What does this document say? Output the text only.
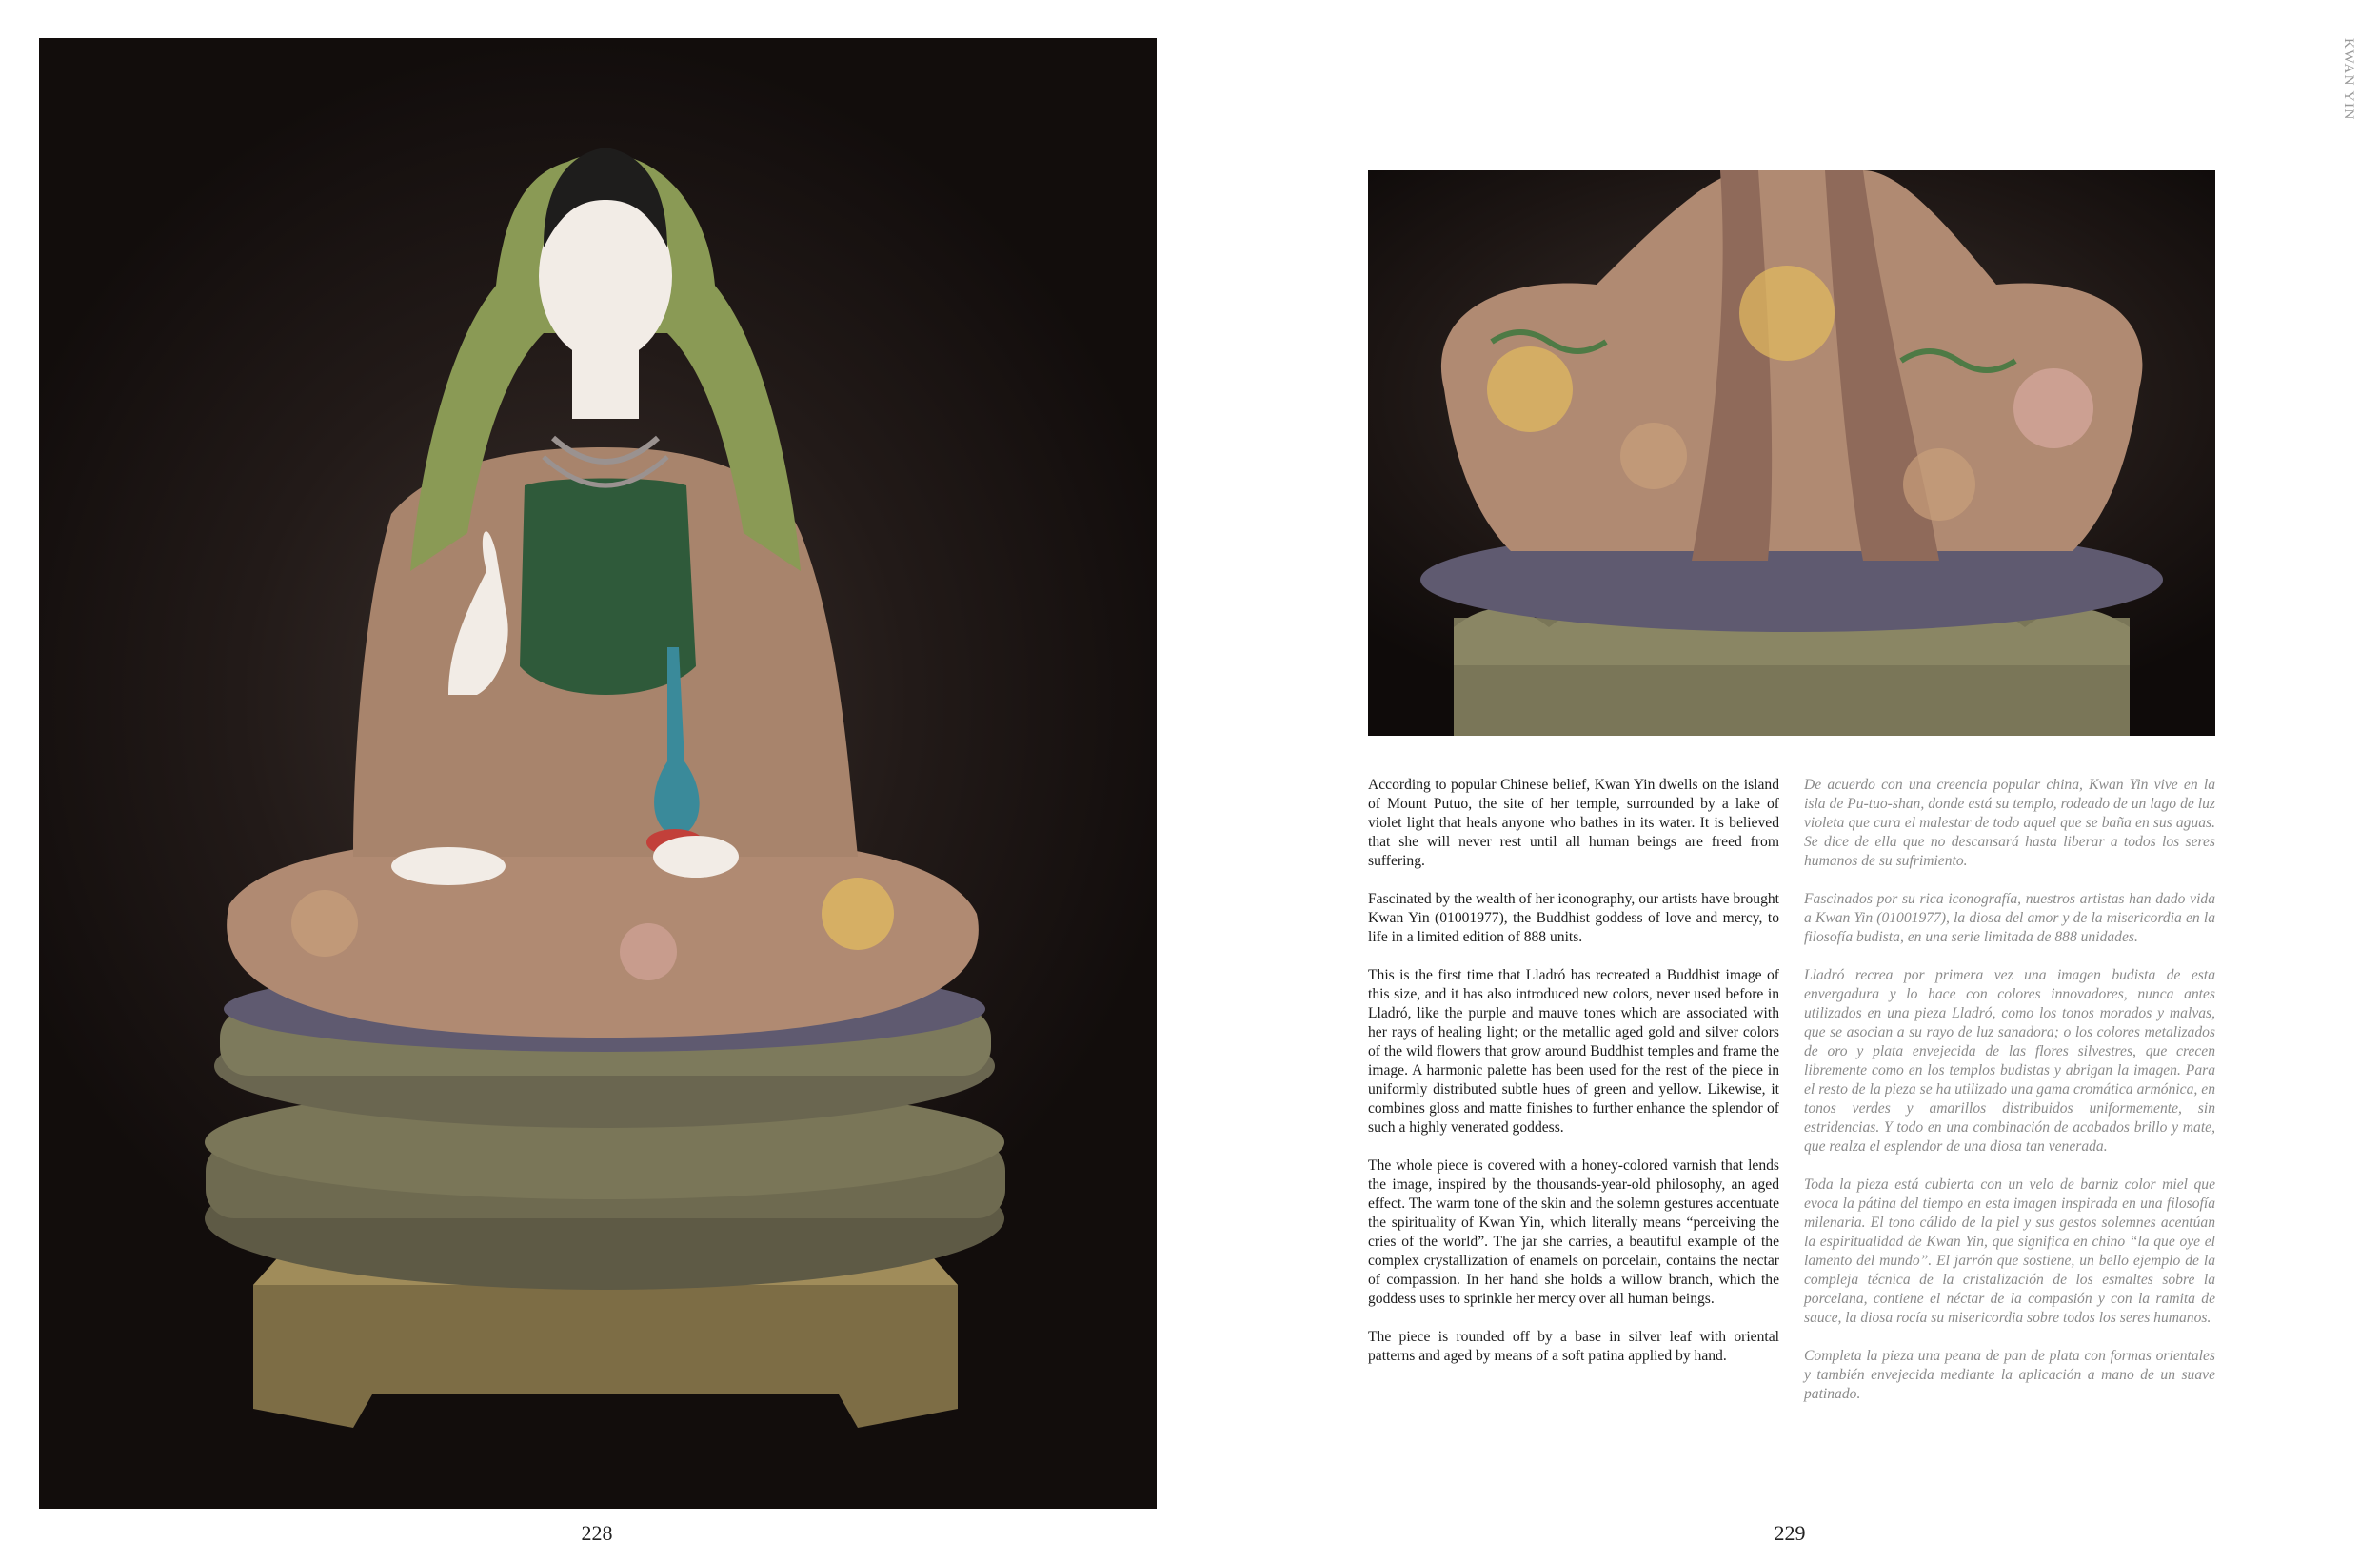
228
KWAN YIN

According to popular Chinese belief, Kwan Yin dwells on the island of Mount Putuo, the site of her temple, surrounded by a lake of violet light that heals anyone who bathes in its water. It is believed that she will never rest until all human beings are freed from suffering.

Fascinated by the wealth of her iconography, our artists have brought Kwan Yin (01001977), the Buddhist goddess of love and mercy, to life in a limited edition of 888 units.

This is the first time that Lladró has recreated a Buddhist image of this size, and it has also introduced new colors, never used before in Lladró, like the purple and mauve tones which are associated with her rays of healing light; or the metallic aged gold and silver colors of the wild flowers that grow around Buddhist temples and frame the image. A harmonic palette has been used for the rest of the piece in uniformly distributed subtle hues of green and yellow. Likewise, it combines gloss and matte finishes to further enhance the splendor of such a highly venerated goddess.

The whole piece is covered with a honey-colored varnish that lends the image, inspired by the thousands-year-old philosophy, an aged effect. The warm tone of the skin and the solemn gestures accentuate the spirituality of Kwan Yin, which literally means “perceiving the cries of the world”. The jar she carries, a beautiful example of the complex crystallization of enamels on porcelain, contains the nectar of compassion. In her hand she holds a willow branch, which the goddess uses to sprinkle her mercy over all human beings.

The piece is rounded off by a base in silver leaf with oriental patterns and aged by means of a soft patina applied by hand.

De acuerdo con una creencia popular china, Kwan Yin vive en la isla de Pu-tuo-shan, donde está su templo, rodeado de un lago de luz violeta que cura el malestar de todo aquel que se baña en sus aguas. Se dice de ella que no descansará hasta liberar a todos los seres humanos de su sufrimiento.

Fascinados por su rica iconografía, nuestros artistas han dado vida a Kwan Yin (01001977), la diosa del amor y de la misericordia en la filosofía budista, en una serie limitada de 888 unidades.

Lladró recrea por primera vez una imagen budista de esta envergadura y lo hace con colores innovadores, nunca antes utilizados en una pieza Lladró, como los tonos morados y malvas, que se asocian a su rayo de luz sanadora; o los colores metalizados de oro y plata envejecida de las flores silvestres, que crecen libremente como en los templos budistas y abrigan la imagen. Para el resto de la pieza se ha utilizado una gama cromática armónica, en tonos verdes y amarillos distribuidos uniformemente, sin estridencias. Y todo en una combinación de acabados brillo y mate, que realza el esplendor de una diosa tan venerada.

Toda la pieza está cubierta con un velo de barniz color miel que evoca la pátina del tiempo en esta imagen inspirada en una filosofía milenaria. El tono cálido de la piel y sus gestos solemnes acentúan la espiritualidad de Kwan Yin, que significa en chino “la que oye el lamento del mundo”. El jarrón que sostiene, un bello ejemplo de la compleja técnica de la cristalización de los esmaltes sobre la porcelana, contiene el néctar de la compasión y con la ramita de sauce, la diosa rocía su misericordia sobre todos los seres humanos.

Completa la pieza una peana de pan de plata con formas orientales y también envejecida mediante la aplicación a mano de un suave patinado.

229
